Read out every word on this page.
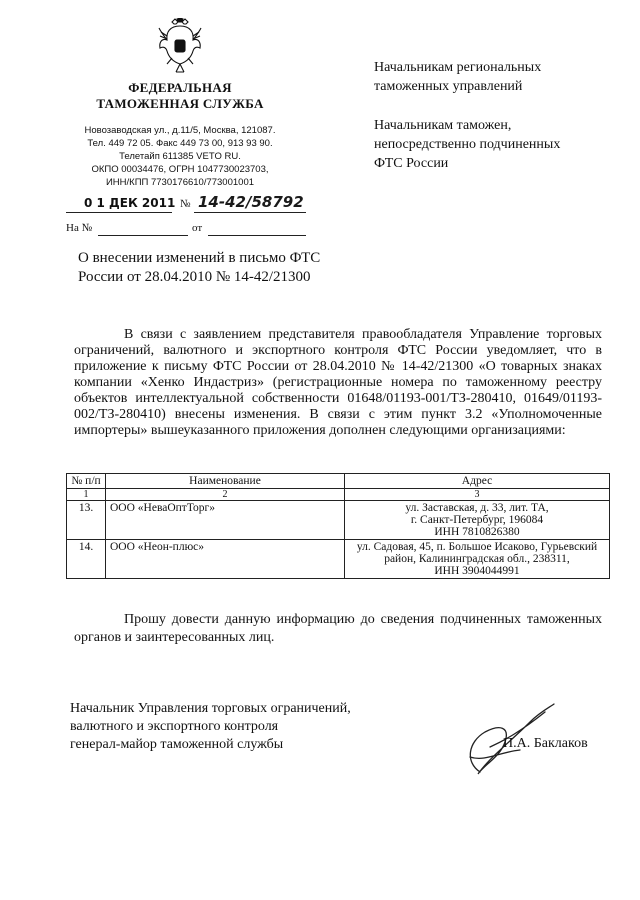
ФЕДЕРАЛЬНАЯ
ТАМОЖЕННАЯ СЛУЖБА
Новозаводская ул., д.11/5, Москва, 121087.
Тел. 449 72 05. Факс 449 73 00, 913 93 90.
Телетайп 611385 VETO RU.
ОКПО 00034476, ОГРН 1047730023703,
ИНН/КПП 7730176610/773001001
0 1 ДЕК 2011 № 14-42/58792
На №	от
Начальникам региональных
таможенных управлений
Начальникам таможен,
непосредственно подчиненных
ФТС России
О внесении изменений в письмо ФТС
России от 28.04.2010 № 14-42/21300
В связи с заявлением представителя правообладателя Управление торговых ограничений, валютного и экспортного контроля ФТС России уведомляет, что в приложение к письму ФТС России от 28.04.2010 № 14-42/21300 «О товарных знаках компании «Хенко Индастриз» (регистрационные номера по таможенному реестру объектов интеллектуальной собственности 01648/01193-001/ТЗ-280410, 01649/01193-002/ТЗ-280410) внесены изменения. В связи с этим пункт 3.2 «Уполномоченные импортеры» вышеуказанного приложения дополнен следующими организациями:
№ п/п	Наименование	Адрес
1	2	3
13.	ООО «НеваОптТорг»	ул. Заставская, д. 33, лит. ТА,
г. Санкт-Петербург, 196084
ИНН 7810826380

14.	ООО «Неон-плюс»	ул. Садовая, 45, п. Большое Исаково, Гурьевский
район, Калининградская обл., 238311,
ИНН 3904044991
Прошу довести данную информацию до сведения подчиненных таможенных органов и заинтересованных лиц.
Начальник Управления торговых ограничений,
валютного и экспортного контроля
генерал-майор таможенной службы	П.А. Баклаков
